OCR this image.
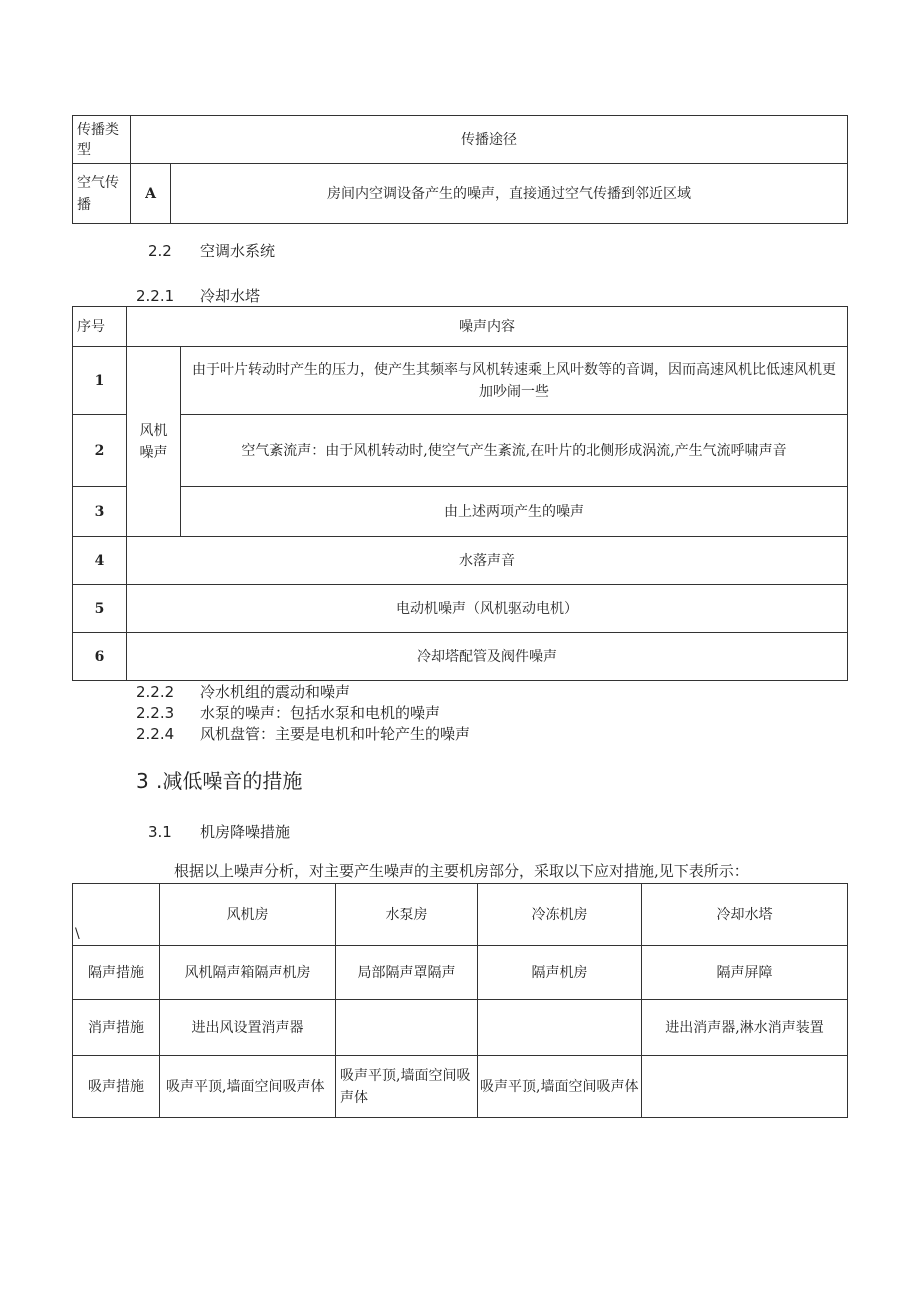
传播类型	传播途径	
空气传播	A	房间内空调设备产生的噪声，直接通过空气传播到邻近区域
2.2 空调水系统
2.2.1 冷却水塔
序号	噪声内容	
1	风机噪声	由于叶片转动时产生的压力，使产生其频率与风机转速乘上风叶数等的音调，因而高速风机比低速风机更加吵闹一些
2		空气紊流声：由于风机转动时,使空气产生紊流,在叶片的北侧形成涡流,产生气流呼啸声音
3		由上述两项产生的噪声
4	水落声音	
5	电动机噪声（风机驱动电机）	
6	冷却塔配管及阀件噪声	
2.2.2 冷水机组的震动和噪声
2.2.3 水泵的噪声：包括水泵和电机的噪声
2.2.4 风机盘管：主要是电机和叶轮产生的噪声
3 .减低噪音的措施
3.1 机房降噪措施
根据以上噪声分析，对主要产生噪声的主要机房部分，采取以下应对措施,见下表所示：
\	风机房	水泵房	冷冻机房	冷却水塔
隔声措施	风机隔声箱隔声机房	局部隔声罩隔声	隔声机房	隔声屏障
消声措施	进出风设置消声器			进出消声器,淋水消声装置
吸声措施	吸声平顶,墙面空间吸声体	吸声平顶,墙面空间吸声体	吸声平顶,墙面空间吸声体	
